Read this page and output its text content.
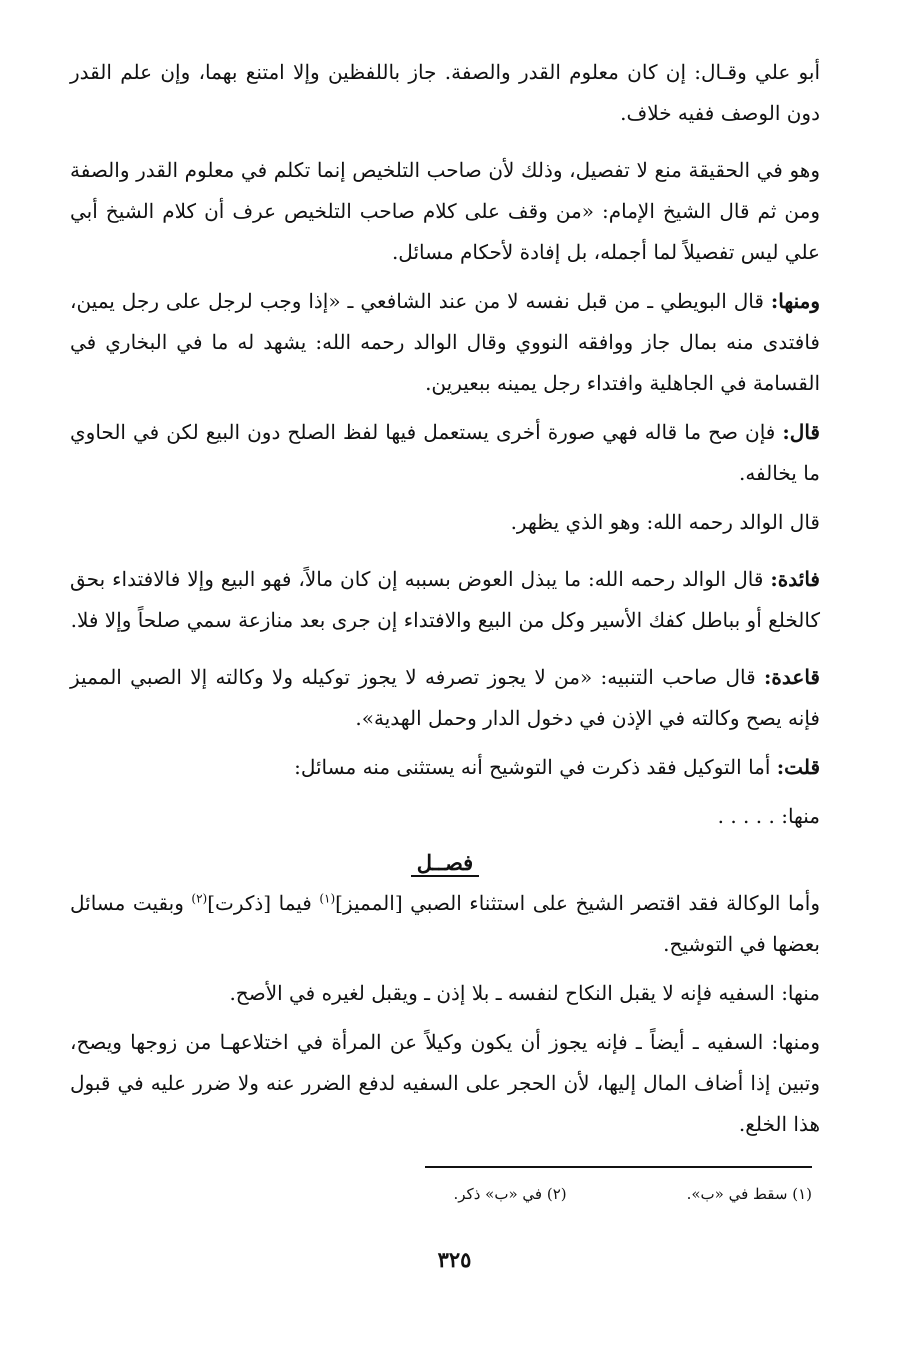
أبو علي وقـال: إن كان معلوم القدر والصفة. جاز باللفظين وإلا امتنع بهما، وإن علم القدر دون الوصف ففيه خلاف.

وهو في الحقيقة منع لا تفصيل، وذلك لأن صاحب التلخيص إنما تكلم في معلوم القدر والصفة ومن ثم قال الشيخ الإمام: «من وقف على كلام صاحب التلخيص عرف أن كلام الشيخ أبي علي ليس تفصيلاً لما أجمله، بل إفادة لأحكام مسائل.

ومنها: قال البويطي ـ من قبل نفسه لا من عند الشافعي ـ «إذا وجب لرجل على رجل يمين، فافتدى منه بمال جاز ووافقه النووي وقال الوالد رحمه الله: يشهد له ما في البخاري في القسامة في الجاهلية وافتداء رجل يمينه ببعيرين.

قال: فإن صح ما قاله فهي صورة أخرى يستعمل فيها لفظ الصلح دون البيع لكن في الحاوي ما يخالفه.

قال الوالد رحمه الله: وهو الذي يظهر.

فائدة: قال الوالد رحمه الله: ما يبذل العوض بسببه إن كان مالاً، فهو البيع وإلا فالافتداء بحق كالخلع أو بباطل كفك الأسير وكل من البيع والافتداء إن جرى بعد منازعة سمي صلحاً وإلا فلا.

قاعدة: قال صاحب التنبيه: «من لا يجوز تصرفه لا يجوز توكيله ولا وكالته إلا الصبي المميز فإنه يصح وكالته في الإذن في دخول الدار وحمل الهدية».

قلت: أما التوكيل فقد ذكرت في التوشيح أنه يستثنى منه مسائل:

منها: . . . . .

فصــل

وأما الوكالة فقد اقتصر الشيخ على استثناء الصبي [المميز]$^{(١)}$ فيما [ذكرت]$^{(٢)}$ وبقيت مسائل بعضها في التوشيح.

منها: السفيه فإنه لا يقبل النكاح لنفسه ـ بلا إذن ـ ويقبل لغيره في الأصح.

ومنها: السفيه ـ أيضاً ـ فإنه يجوز أن يكون وكيلاً عن المرأة في اختلاعهـا من زوجها ويصح، وتبين إذا أضاف المال إليها، لأن الحجر على السفيه لدفع الضرر عنه ولا ضرر عليه في قبول هذا الخلع.

(١) سقط في «ب».
(٢) في «ب» ذكر.
٣٢٥
